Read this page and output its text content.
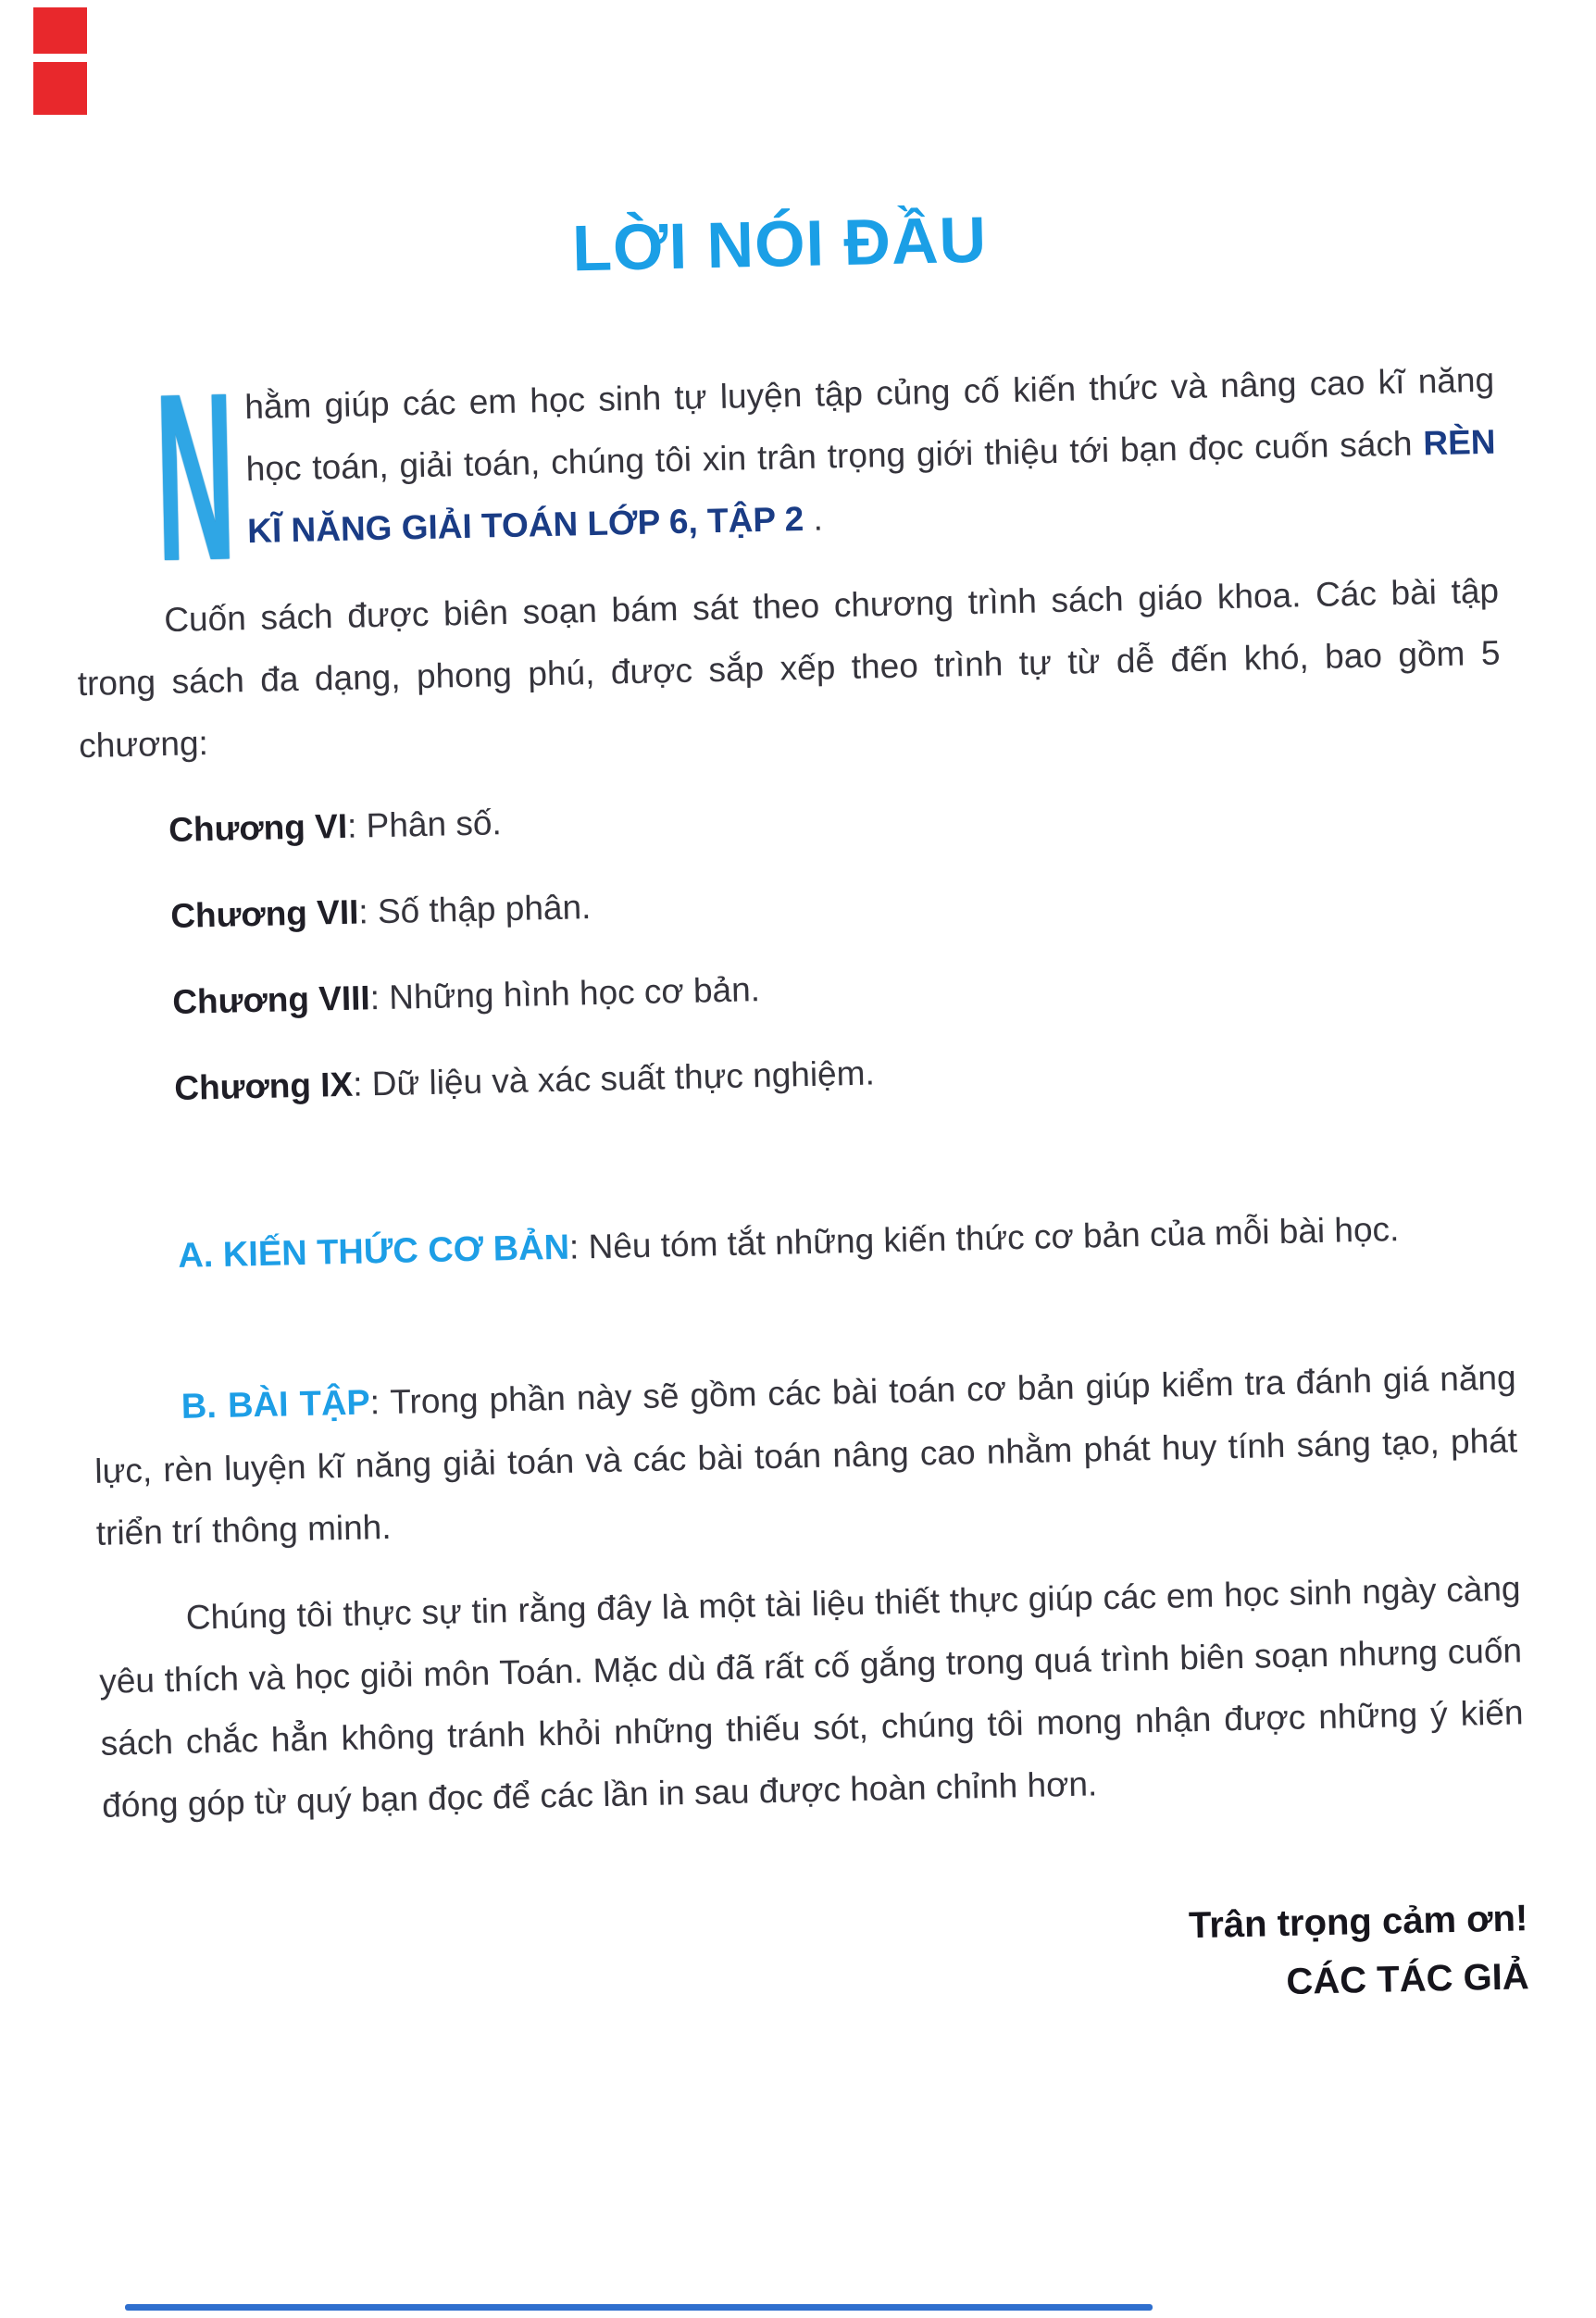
LỜI NÓI ĐẦU

N hằm giúp các em học sinh tự luyện tập củng cố kiến thức và nâng cao kĩ năng học toán, giải toán, chúng tôi xin trân trọng giới thiệu tới bạn đọc cuốn sách RÈN KĨ NĂNG GIẢI TOÁN LỚP 6, TẬP 2 .

Cuốn sách được biên soạn bám sát theo chương trình sách giáo khoa. Các bài tập trong sách đa dạng, phong phú, được sắp xếp theo trình tự từ dễ đến khó, bao gồm 5 chương:

Chương VI: Phân số.

Chương VII: Số thập phân.

Chương VIII: Những hình học cơ bản.

Chương IX: Dữ liệu và xác suất thực nghiệm.

A. KIẾN THỨC CƠ BẢN: Nêu tóm tắt những kiến thức cơ bản của mỗi bài học.

B. BÀI TẬP: Trong phần này sẽ gồm các bài toán cơ bản giúp kiểm tra đánh giá năng lực, rèn luyện kĩ năng giải toán và các bài toán nâng cao nhằm phát huy tính sáng tạo, phát triển trí thông minh.

Chúng tôi thực sự tin rằng đây là một tài liệu thiết thực giúp các em học sinh ngày càng yêu thích và học giỏi môn Toán. Mặc dù đã rất cố gắng trong quá trình biên soạn nhưng cuốn sách chắc hẳn không tránh khỏi những thiếu sót, chúng tôi mong nhận được những ý kiến đóng góp từ quý bạn đọc để các lần in sau được hoàn chỉnh hơn.

Trân trọng cảm ơn!
CÁC TÁC GIẢ
